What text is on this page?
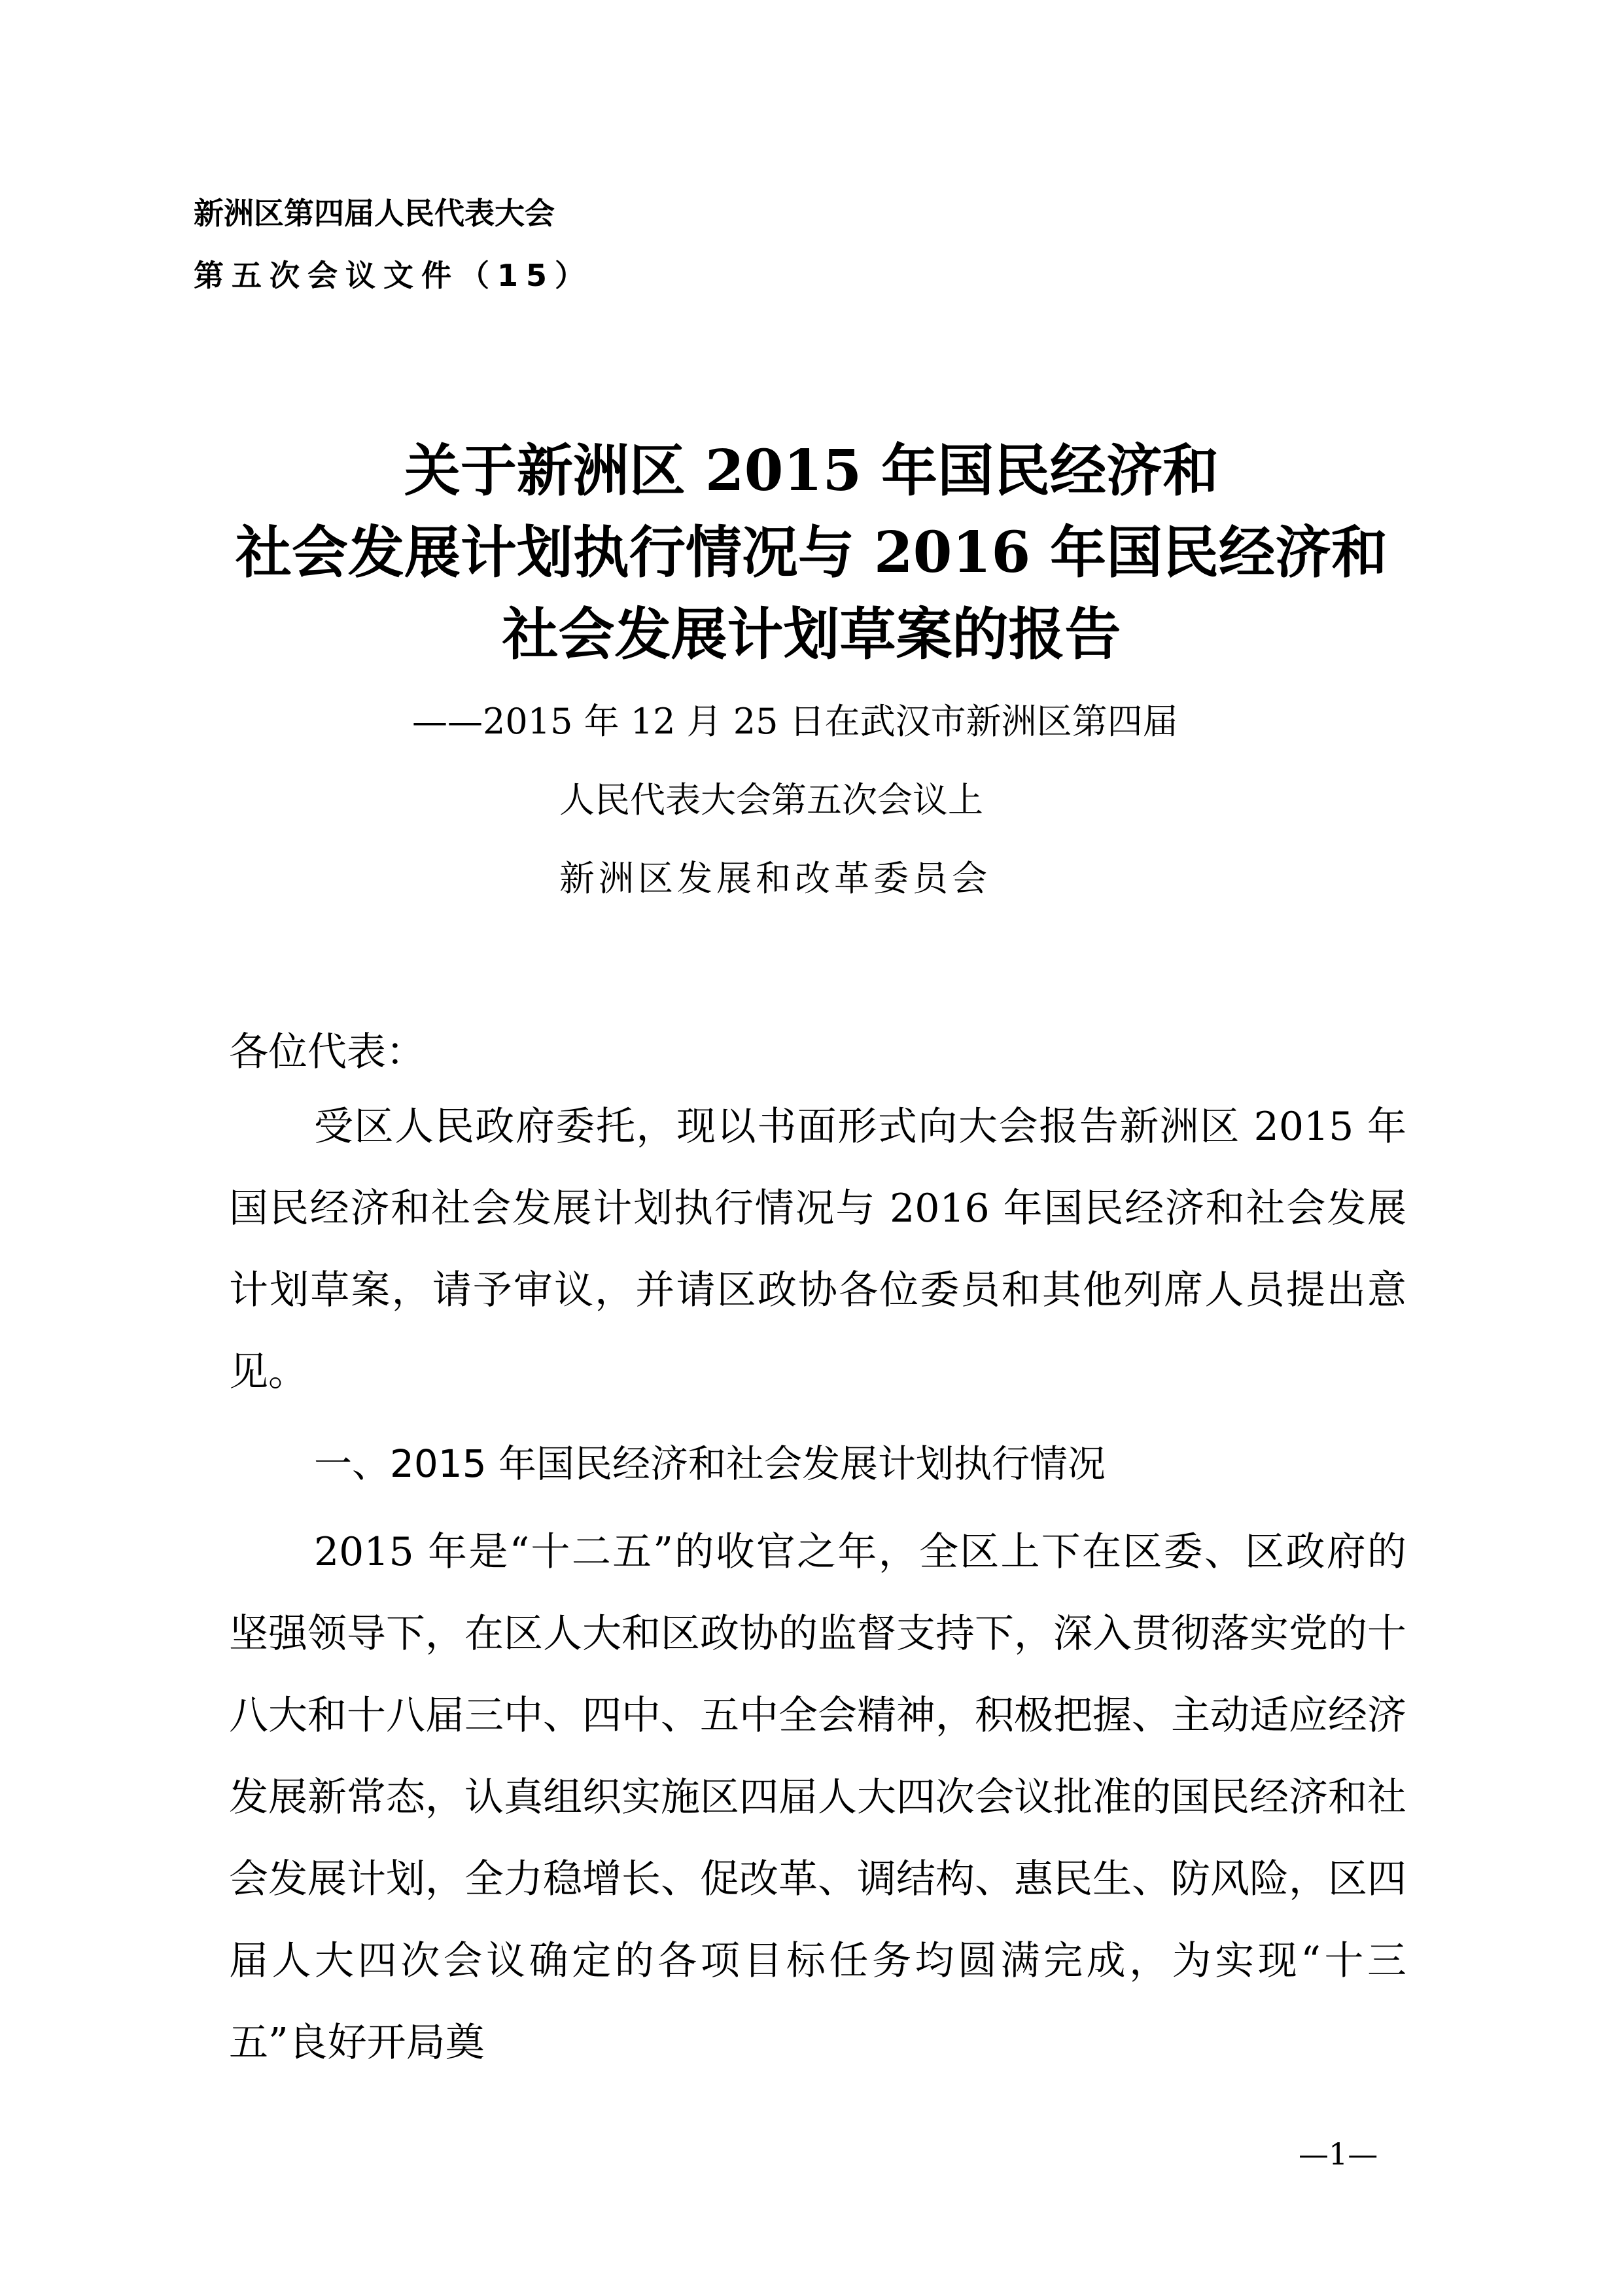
新洲区第四届人民代表大会
第五次会议文件（15）
关于新洲区 2015 年国民经济和
社会发展计划执行情况与 2016 年国民经济和
社会发展计划草案的报告
——2015 年 12 月 25 日在武汉市新洲区第四届
人民代表大会第五次会议上
新洲区发展和改革委员会
各位代表：
受区人民政府委托，现以书面形式向大会报告新洲区 2015 年国民经济和社会发展计划执行情况与 2016 年国民经济和社会发展计划草案，请予审议，并请区政协各位委员和其他列席人员提出意见。
一、2015 年国民经济和社会发展计划执行情况
2015 年是“十二五”的收官之年，全区上下在区委、区政府的坚强领导下，在区人大和区政协的监督支持下，深入贯彻落实党的十八大和十八届三中、四中、五中全会精神，积极把握、主动适应经济发展新常态，认真组织实施区四届人大四次会议批准的国民经济和社会发展计划，全力稳增长、促改革、调结构、惠民生、防风险，区四届人大四次会议确定的各项目标任务均圆满完成，为实现“十三五”良好开局奠
—1—
